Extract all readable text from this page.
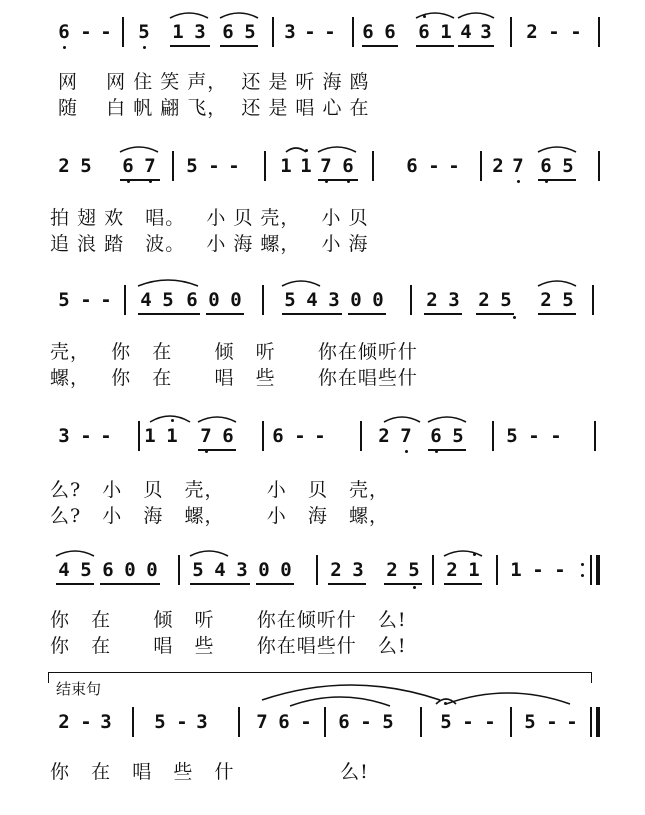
6 - - 5 1 3 6 5 3 - - 6 6 6 1 4 3 2 - -
2 5 6 7 5 - - 1 1 7 6	6 - - 2 7 6 5
5 - - 4 5 6 0 0 5 4 3 0 0 2 3 2 5 2 5
3 - - 1 1 7 6 6 - -	2 7 6 5 5 - -
4 5 6 0 0 5 4 3 0 0 2 3 2 5 2 1 1 - -
2 - 3 5 - 3	7 6 - 6 - 5 5 - - 5 - -
网    网 住 笑 声，  还 是 听 海 鸥
随    白 帆 翩 飞，  还 是 唱 心 在
拍 翅 欢   唱。   小 贝 壳，   小 贝
追 浪 踏   波。   小 海 螺，   小 海
壳，   你   在      倾   听      你在倾听什
螺，   你   在      唱   些      你在唱些什
么?   小   贝   壳，      小   贝   壳，
么?   小   海   螺，      小   海   螺，
你   在      倾   听      你在倾听什   么!
你   在      唱   些      你在唱些什   么!
你   在   唱   些   什               么!
结束句
